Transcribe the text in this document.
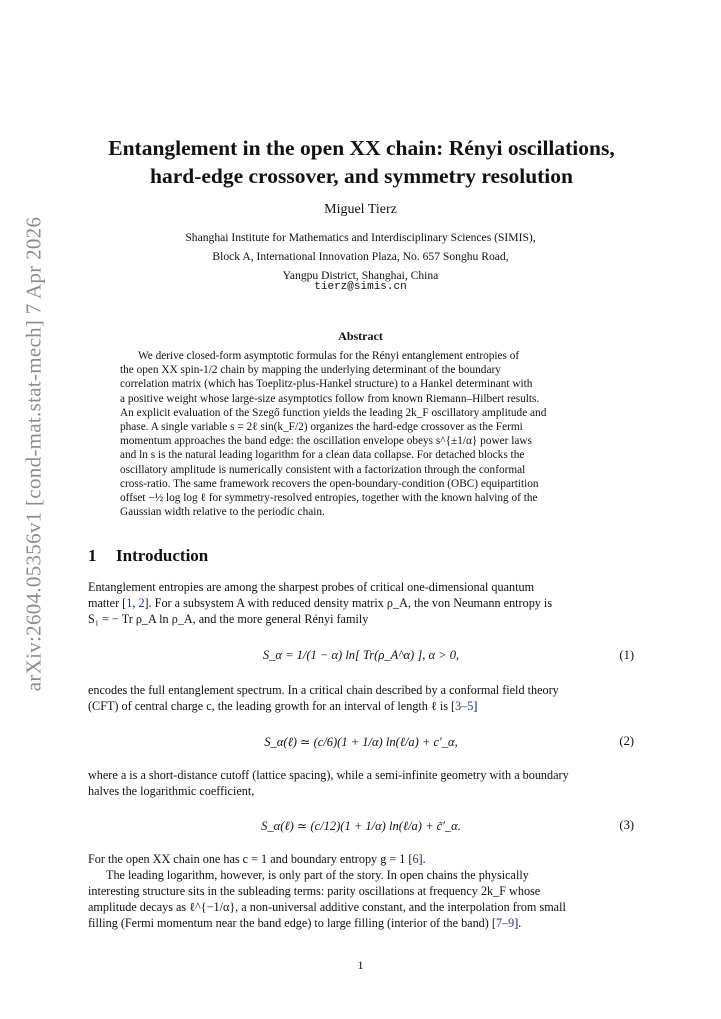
arXiv:2604.05356v1 [cond-mat.stat-mech] 7 Apr 2026
Entanglement in the open XX chain: Rényi oscillations,
hard-edge crossover, and symmetry resolution
Miguel Tierz
Shanghai Institute for Mathematics and Interdisciplinary Sciences (SIMIS),
Block A, International Innovation Plaza, No. 657 Songhu Road,
Yangpu District, Shanghai, China
tierz@simis.cn
Abstract
We derive closed-form asymptotic formulas for the Rényi entanglement entropies of
the open XX spin-1/2 chain by mapping the underlying determinant of the boundary
correlation matrix (which has Toeplitz-plus-Hankel structure) to a Hankel determinant with
a positive weight whose large-size asymptotics follow from known Riemann–Hilbert results.
An explicit evaluation of the Szegő function yields the leading 2k_F oscillatory amplitude and
phase. A single variable s = 2ℓ sin(k_F/2) organizes the hard-edge crossover as the Fermi
momentum approaches the band edge: the oscillation envelope obeys s^{±1/α} power laws
and ln s is the natural leading logarithm for a clean data collapse. For detached blocks the
oscillatory amplitude is numerically consistent with a factorization through the conformal
cross-ratio. The same framework recovers the open-boundary-condition (OBC) equipartition
offset −½ log log ℓ for symmetry-resolved entropies, together with the known halving of the
Gaussian width relative to the periodic chain.
1 Introduction
Entanglement entropies are among the sharpest probes of critical one-dimensional quantum
matter [1, 2]. For a subsystem A with reduced density matrix ρ_A, the von Neumann entropy is
S₁ = − Tr ρ_A ln ρ_A, and the more general Rényi family
S_α = 1/(1 − α) ln[ Tr(ρ_A^α) ], α > 0,	(1)
encodes the full entanglement spectrum. In a critical chain described by a conformal field theory
(CFT) of central charge c, the leading growth for an interval of length ℓ is [3–5]
S_α(ℓ) ≃ (c/6)(1 + 1/α) ln(ℓ/a) + c′_α,	(2)
where a is a short-distance cutoff (lattice spacing), while a semi-infinite geometry with a boundary
halves the logarithmic coefficient,
S_α(ℓ) ≃ (c/12)(1 + 1/α) ln(ℓ/a) + c̃′_α.	(3)
For the open XX chain one has c = 1 and boundary entropy g = 1 [6].
The leading logarithm, however, is only part of the story. In open chains the physically
interesting structure sits in the subleading terms: parity oscillations at frequency 2k_F whose
amplitude decays as ℓ^{−1/α}, a non-universal additive constant, and the interpolation from small
filling (Fermi momentum near the band edge) to large filling (interior of the band) [7–9].
1
